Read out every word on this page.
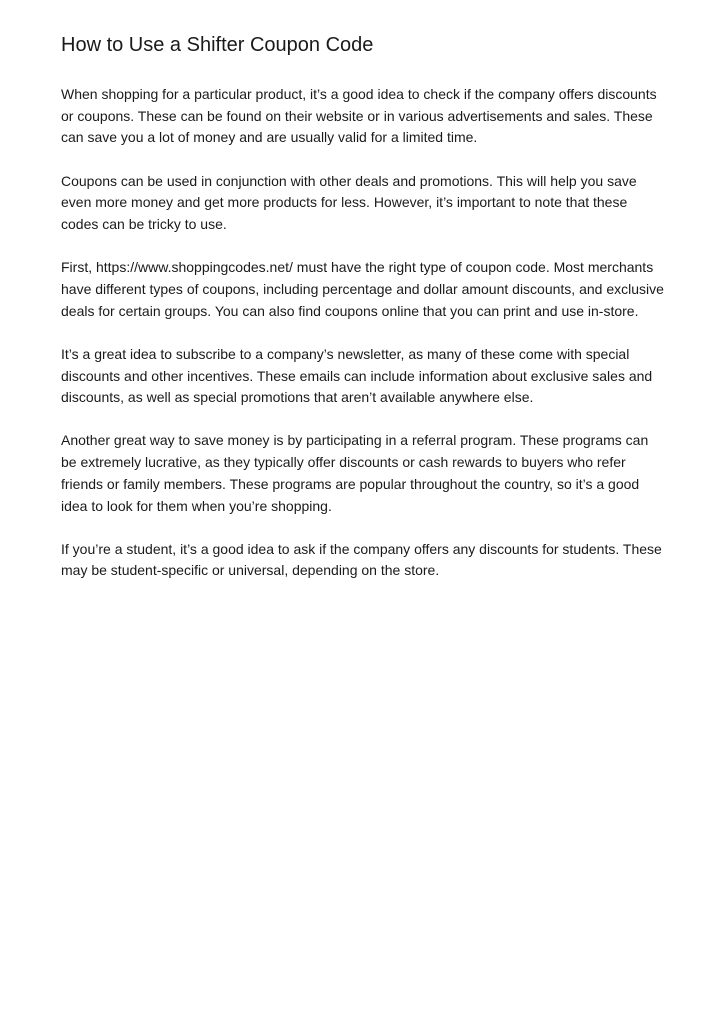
How to Use a Shifter Coupon Code

When shopping for a particular product, it’s a good idea to check if the company offers discounts or coupons. These can be found on their website or in various advertisements and sales. These can save you a lot of money and are usually valid for a limited time.

Coupons can be used in conjunction with other deals and promotions. This will help you save even more money and get more products for less. However, it’s important to note that these codes can be tricky to use.

First, https://www.shoppingcodes.net/ must have the right type of coupon code. Most merchants have different types of coupons, including percentage and dollar amount discounts, and exclusive deals for certain groups. You can also find coupons online that you can print and use in-store.

It’s a great idea to subscribe to a company’s newsletter, as many of these come with special discounts and other incentives. These emails can include information about exclusive sales and discounts, as well as special promotions that aren’t available anywhere else.

Another great way to save money is by participating in a referral program. These programs can be extremely lucrative, as they typically offer discounts or cash rewards to buyers who refer friends or family members. These programs are popular throughout the country, so it’s a good idea to look for them when you’re shopping.

If you’re a student, it’s a good idea to ask if the company offers any discounts for students. These may be student-specific or universal, depending on the store.
